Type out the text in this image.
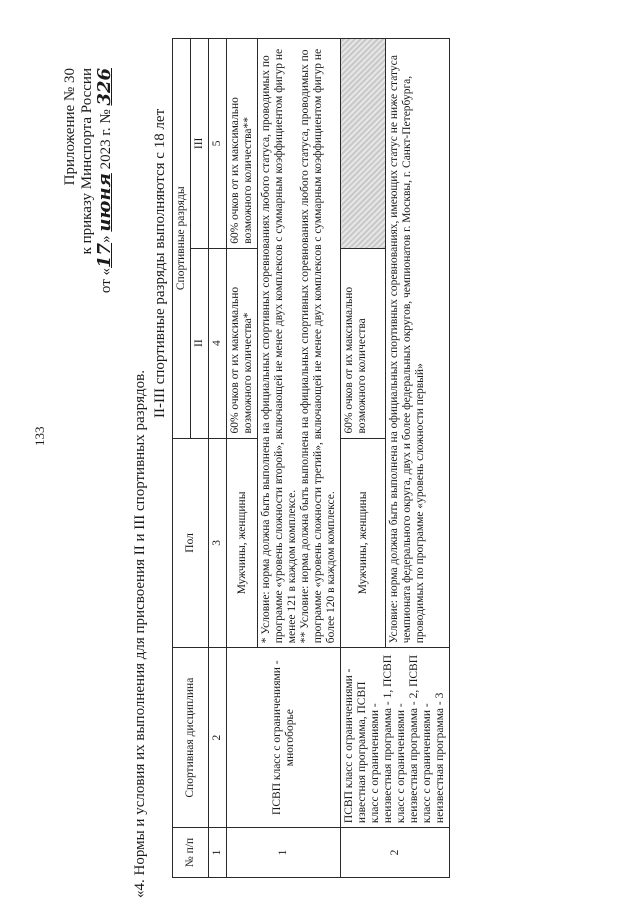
133
Приложение № 30 к приказу Минспорта России
от «17» июня 2023 г. № 326
«4. Нормы и условия их выполнения для присвоения II и III спортивных разрядов.
II-III спортивные разряды выполняются с 18 лет
№ п/п	Спортивная дисциплина	Пол	Спортивные разряды	
			II	III
1	2	3	4	5
1	ПСВП класс с ограничениями - многоборье	Мужчины, женщины	60% очков от их максимально возможного количества*	60% очков от их максимально возможного количества**

		* Условие: норма должна быть выполнена на официальных спортивных соревнованиях любого статуса, проводимых по программе «уровень сложности второй», включающей не менее двух комплексов с суммарным коэффициентом фигур не менее 121 в каждом комплексе. ** Условие: норма должна быть выполнена на официальных спортивных соревнованиях любого статуса, проводимых по программе «уровень сложности третий», включающей не менее двух комплексов с суммарным коэффициентом фигур не более 120 в каждом комплексе.		

2	ПСВП класс с ограничениями - известная программа, ПСВП класс с ограничениями - неизвестная программа - 1, ПСВП класс с ограничениями - неизвестная программа - 2, ПСВП класс с ограничениями - неизвестная программа - 3	Мужчины, женщины	60% очков от их максимально возможного количества	

		Условие: норма должна быть выполнена на официальных спортивных соревнованиях, имеющих статус не ниже статуса чемпионата федерального округа, двух и более федеральных округов, чемпионатов г. Москвы, г. Санкт-Петербурга, проводимых по программе «уровень сложности первый»		
